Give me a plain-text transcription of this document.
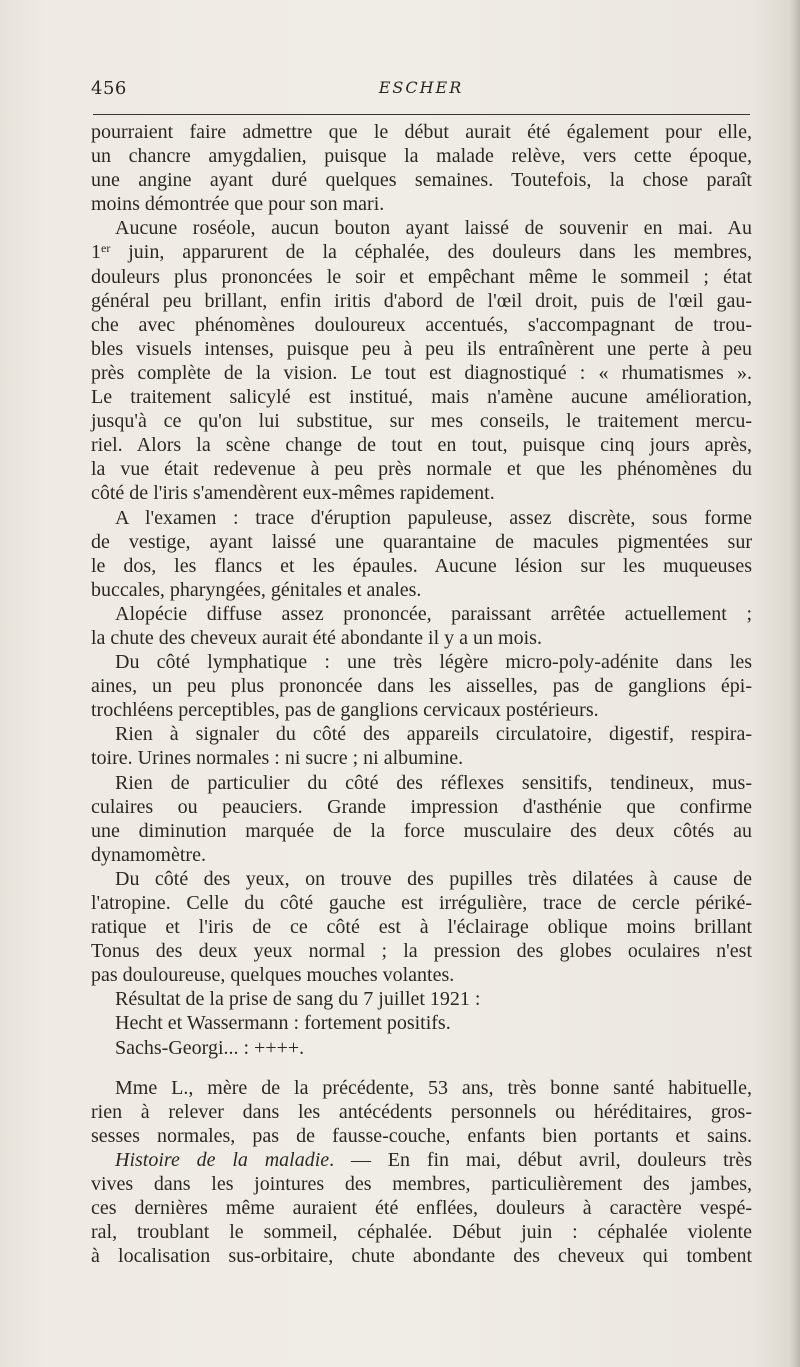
456	ESCHER
pourraient faire admettre que le début aurait été également pour elle,
un chancre amygdalien, puisque la malade relève, vers cette époque,
une angine ayant duré quelques semaines. Toutefois, la chose paraît
moins démontrée que pour son mari.
Aucune roséole, aucun bouton ayant laissé de souvenir en mai. Au
1er juin, apparurent de la céphalée, des douleurs dans les membres,
douleurs plus prononcées le soir et empêchant même le sommeil ; état
général peu brillant, enfin iritis d'abord de l'œil droit, puis de l'œil gau-
che avec phénomènes douloureux accentués, s'accompagnant de trou-
bles visuels intenses, puisque peu à peu ils entraînèrent une perte à peu
près complète de la vision. Le tout est diagnostiqué : « rhumatismes ».
Le traitement salicylé est institué, mais n'amène aucune amélioration,
jusqu'à ce qu'on lui substitue, sur mes conseils, le traitement mercu-
riel. Alors la scène change de tout en tout, puisque cinq jours après,
la vue était redevenue à peu près normale et que les phénomènes du
côté de l'iris s'amendèrent eux-mêmes rapidement.
A l'examen : trace d'éruption papuleuse, assez discrète, sous forme
de vestige, ayant laissé une quarantaine de macules pigmentées sur
le dos, les flancs et les épaules. Aucune lésion sur les muqueuses
buccales, pharyngées, génitales et anales.
Alopécie diffuse assez prononcée, paraissant arrêtée actuellement ;
la chute des cheveux aurait été abondante il y a un mois.
Du côté lymphatique : une très légère micro-poly-adénite dans les
aines, un peu plus prononcée dans les aisselles, pas de ganglions épi-
trochléens perceptibles, pas de ganglions cervicaux postérieurs.
Rien à signaler du côté des appareils circulatoire, digestif, respira-
toire. Urines normales : ni sucre ; ni albumine.
Rien de particulier du côté des réflexes sensitifs, tendineux, mus-
culaires ou peauciers. Grande impression d'asthénie que confirme
une diminution marquée de la force musculaire des deux côtés au
dynamomètre.
Du côté des yeux, on trouve des pupilles très dilatées à cause de
l'atropine. Celle du côté gauche est irrégulière, trace de cercle périké-
ratique et l'iris de ce côté est à l'éclairage oblique moins brillant
Tonus des deux yeux normal ; la pression des globes oculaires n'est
pas douloureuse, quelques mouches volantes.
Résultat de la prise de sang du 7 juillet 1921 :
Hecht et Wassermann : fortement positifs.
Sachs-Georgi... : ++++.
Mme L., mère de la précédente, 53 ans, très bonne santé habituelle,
rien à relever dans les antécédents personnels ou héréditaires, gros-
sesses normales, pas de fausse-couche, enfants bien portants et sains.
Histoire de la maladie. — En fin mai, début avril, douleurs très
vives dans les jointures des membres, particulièrement des jambes,
ces dernières même auraient été enflées, douleurs à caractère vespé-
ral, troublant le sommeil, céphalée. Début juin : céphalée violente
à localisation sus-orbitaire, chute abondante des cheveux qui tombent
